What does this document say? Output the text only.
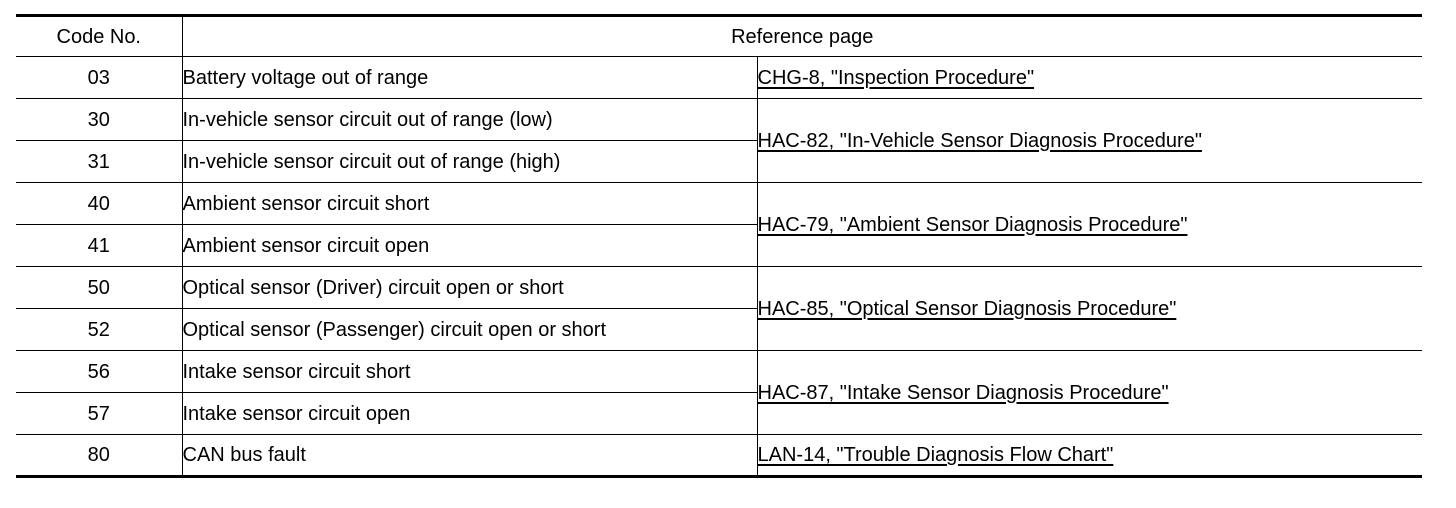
Code No.	Reference page	
03	Battery voltage out of range	CHG-8, "Inspection Procedure"
30	In-vehicle sensor circuit out of range (low)	HAC-82, "In-Vehicle Sensor Diagnosis Procedure"
31	In-vehicle sensor circuit out of range (high)	
40	Ambient sensor circuit short	HAC-79, "Ambient Sensor Diagnosis Procedure"
41	Ambient sensor circuit open	
50	Optical sensor (Driver) circuit open or short	HAC-85, "Optical Sensor Diagnosis Procedure"
52	Optical sensor (Passenger) circuit open or short	
56	Intake sensor circuit short	HAC-87, "Intake Sensor Diagnosis Procedure"
57	Intake sensor circuit open	
80	CAN bus fault	LAN-14, "Trouble Diagnosis Flow Chart"
